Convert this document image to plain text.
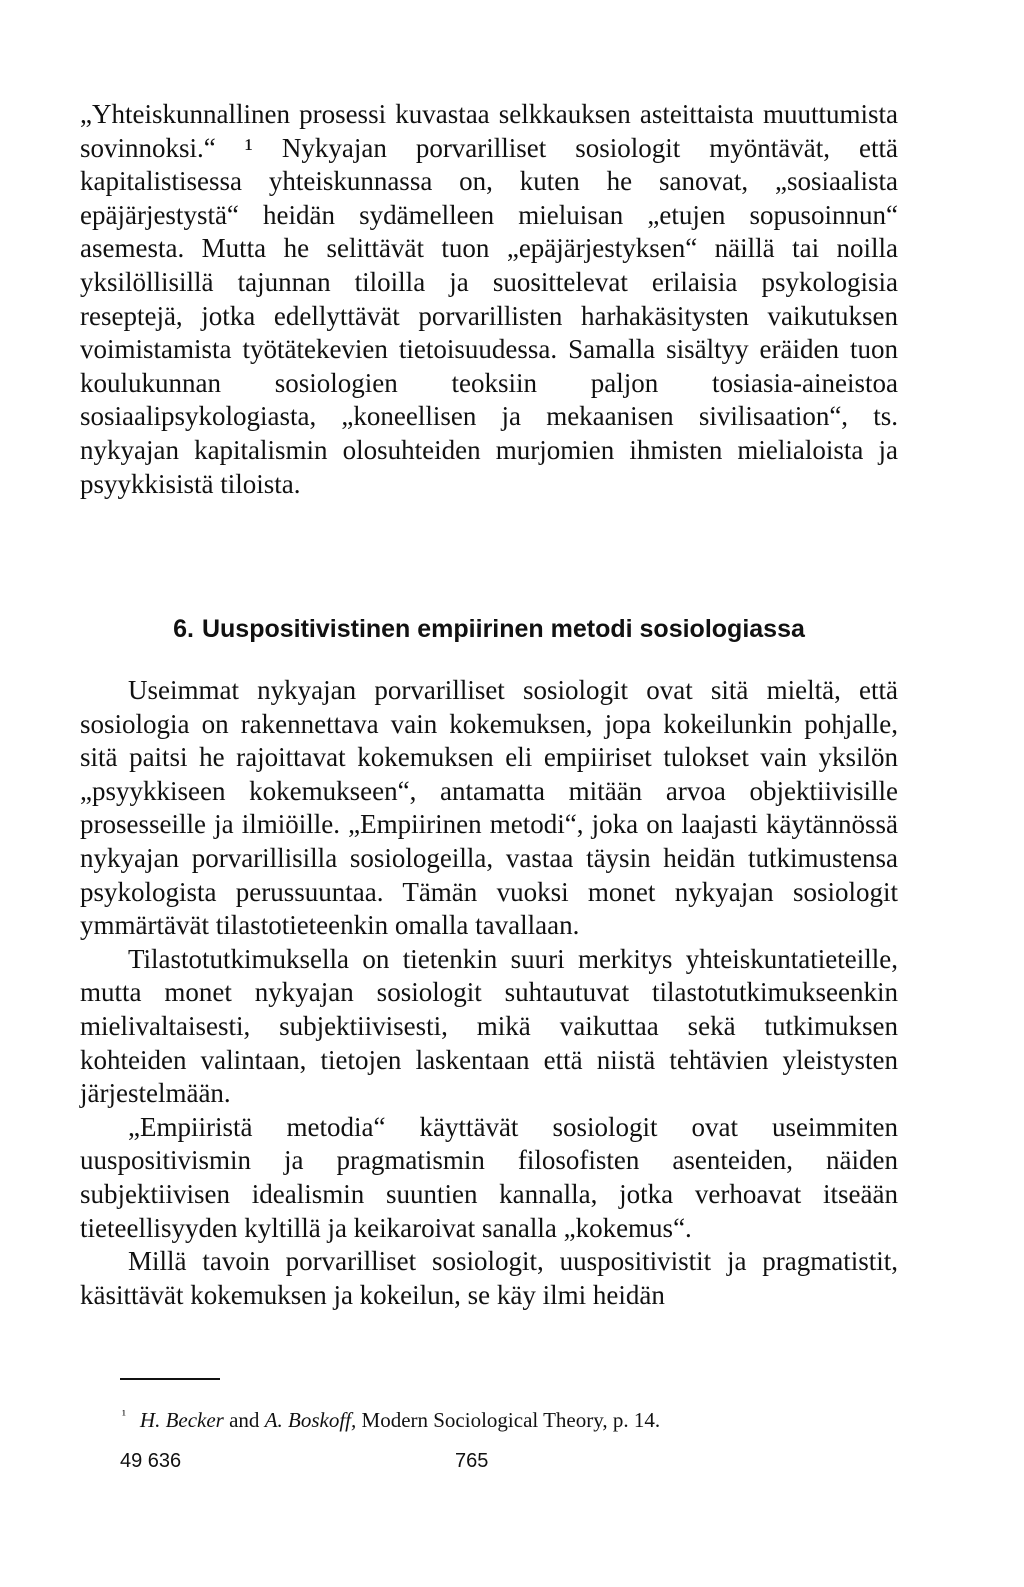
„Yhteiskunnallinen prosessi kuvastaa selkkauksen asteittaista muuttumista sovinnoksi.“ ¹ Nykyajan porvarilliset sosiologit myöntävät, että kapitalistisessa yhteiskunnassa on, kuten he sanovat, „sosiaalista epäjärjestystä“ heidän sydämelleen mieluisan „etujen sopusoinnun“ asemesta. Mutta he selittävät tuon „epäjärjestyksen“ näillä tai noilla yksilöllisillä tajunnan tiloilla ja suosittelevat erilaisia psykologisia reseptejä, jotka edellyttävät porvarillisten harhakäsitysten vaikutuksen voimistamista työtätekevien tietoisuudessa. Samalla sisältyy eräiden tuon koulukunnan sosiologien teoksiin paljon tosiasia-aineistoa sosiaalipsykologiasta, „koneellisen ja mekaanisen sivilisaation“, ts. nykyajan kapitalismin olosuhteiden murjomien ihmisten mielialoista ja psyykkisistä tiloista.

6. Uuspositivistinen empiirinen metodi sosiologiassa

Useimmat nykyajan porvarilliset sosiologit ovat sitä mieltä, että sosiologia on rakennettava vain kokemuksen, jopa kokeilunkin pohjalle, sitä paitsi he rajoittavat kokemuksen eli empiiriset tulokset vain yksilön „psyykkiseen kokemukseen“, antamatta mitään arvoa objektiivisille prosesseille ja ilmiöille. „Empiirinen metodi“, joka on laajasti käytännössä nykyajan porvarillisilla sosiologeilla, vastaa täysin heidän tutkimustensa psykologista perussuuntaa. Tämän vuoksi monet nykyajan sosiologit ymmärtävät tilastotieteenkin omalla tavallaan.

Tilastotutkimuksella on tietenkin suuri merkitys yhteiskuntatieteille, mutta monet nykyajan sosiologit suhtautuvat tilastotutkimukseenkin mielivaltaisesti, subjektiivisesti, mikä vaikuttaa sekä tutkimuksen kohteiden valintaan, tietojen laskentaan että niistä tehtävien yleistysten järjestelmään.

„Empiiristä metodia“ käyttävät sosiologit ovat useimmiten uuspositivismin ja pragmatismin filosofisten asenteiden, näiden subjektiivisen idealismin suuntien kannalla, jotka verhoavat itseään tieteellisyyden kyltillä ja keikaroivat sanalla „kokemus“.

Millä tavoin porvarilliset sosiologit, uuspositivistit ja pragmatistit, käsittävät kokemuksen ja kokeilun, se käy ilmi heidän

$^{^1}$ H. Becker and A. Boskoff, Modern Sociological Theory, p. 14.

49 636	765
